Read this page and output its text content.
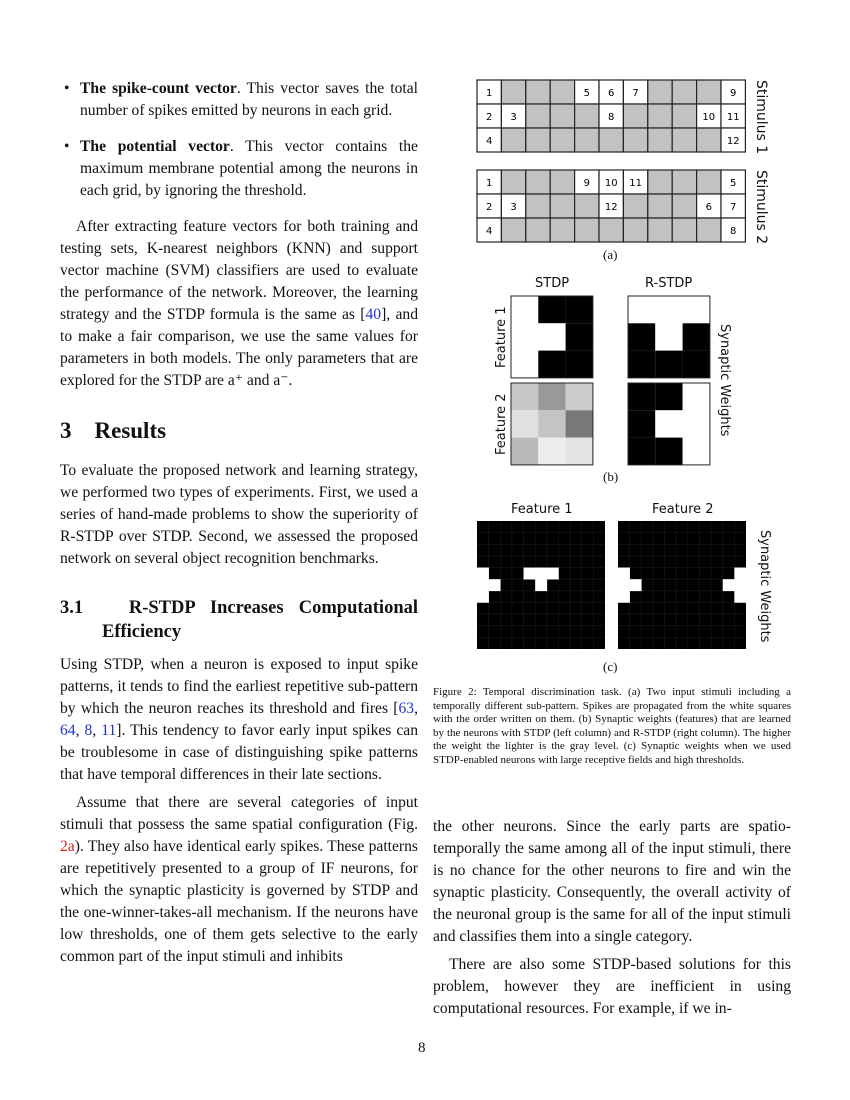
• The spike-count vector. This vector saves the total number of spikes emitted by neurons in each grid.

• The potential vector. This vector contains the maximum membrane potential among the neurons in each grid, by ignoring the threshold.

After extracting feature vectors for both training and testing sets, K-nearest neighbors (KNN) and support vector machine (SVM) classifiers are used to evaluate the performance of the network. Moreover, the learning strategy and the STDP formula is the same as [40], and to make a fair comparison, we use the same values for parameters in both models. The only parameters that are explored for the STDP are a⁺ and a⁻.

3 Results

To evaluate the proposed network and learning strategy, we performed two types of experiments. First, we used a series of hand-made problems to show the superiority of R-STDP over STDP. Second, we assessed the proposed network on several object recognition benchmarks.

3.1 R-STDP Increases Computational Efficiency

Using STDP, when a neuron is exposed to input spike patterns, it tends to find the earliest repetitive sub-pattern by which the neuron reaches its threshold and fires [63, 64, 8, 11]. This tendency to favor early input spikes can be troublesome in case of distinguishing spike patterns that have temporal differences in their late sections.

Assume that there are several categories of input stimuli that possess the same spatial configuration (Fig. 2a). They also have identical early spikes. These patterns are repetitively presented to a group of IF neurons, for which the synaptic plasticity is governed by STDP and the one-winner-takes-all mechanism. If the neurons have low thresholds, one of them gets selective to the early common part of the input stimuli and inhibits

the other neurons. Since the early parts are spatio-temporally the same among all of the input stimuli, there is no chance for the other neurons to fire and win the synaptic plasticity. Consequently, the overall activity of the neuronal group is the same for all of the input stimuli and classifies them into a single category.

There are also some STDP-based solutions for this problem, however they are inefficient in using computational resources. For example, if we in-

1	5 6 7	9
2 3	8	10 11
4	12
1	9 10 11	5
2 3	12	6 7
4	8
Stimulus 1
Stimulus 2
(a)
STDP	R-STDP
Feature 1
Feature 2	Synaptic Weights
(b)
Feature 1	Feature 2
Synaptic Weights
(c)
Figure 2: Temporal discrimination task. (a) Two input stimuli including a temporally different sub-pattern. Spikes are propagated from the white squares with the order written on them. (b) Synaptic weights (features) that are learned by the neurons with STDP (left column) and R-STDP (right column). The higher the weight the lighter is the gray level. (c) Synaptic weights when we used STDP-enabled neurons with large receptive fields and high thresholds.
8
